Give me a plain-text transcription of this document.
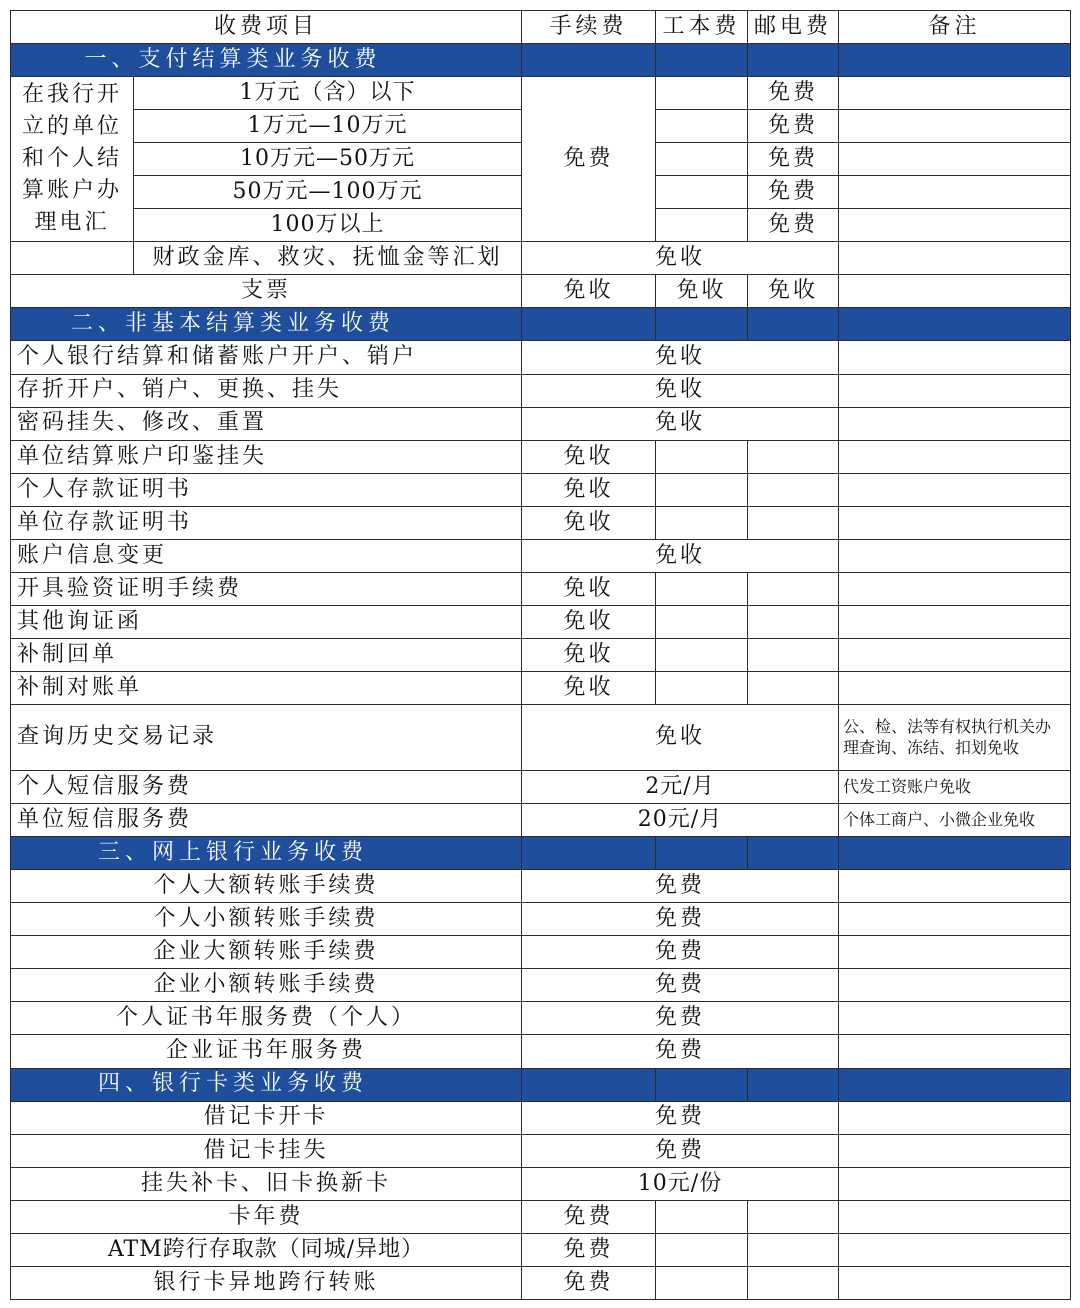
收费项目		手续费	工本费	邮电费	备注
一、支付结算类业务收费					
在我行开立的单位和个人结算账户办理电汇	1万元（含）以下	免费		免费	
	1万元—10万元			免费	
	10万元—50万元			免费	
	50万元—100万元			免费	
	100万以上			免费	
	财政金库、救灾、抚恤金等汇划	免收			
支票		免收	免收	免收	
二、非基本结算类业务收费					
个人银行结算和储蓄账户开户、销户		免收			
存折开户、销户、更换、挂失		免收			
密码挂失、修改、重置		免收			
单位结算账户印鉴挂失		免收			
个人存款证明书		免收			
单位存款证明书		免收			
账户信息变更		免收			
开具验资证明手续费		免收			
其他询证函		免收			
补制回单		免收			
补制对账单		免收			
查询历史交易记录		免收			公、检、法等有权执行机关办理查询、冻结、扣划免收
个人短信服务费		2元/月			代发工资账户免收
单位短信服务费		20元/月			个体工商户、小微企业免收
三、网上银行业务收费					
个人大额转账手续费		免费			
个人小额转账手续费		免费			
企业大额转账手续费		免费			
企业小额转账手续费		免费			
个人证书年服务费（个人）		免费			
企业证书年服务费		免费			
四、银行卡类业务收费					
借记卡开卡		免费			
借记卡挂失		免费			
挂失补卡、旧卡换新卡		10元/份			
卡年费		免费			
ATM跨行存取款（同城/异地）		免费			
银行卡异地跨行转账		免费			
